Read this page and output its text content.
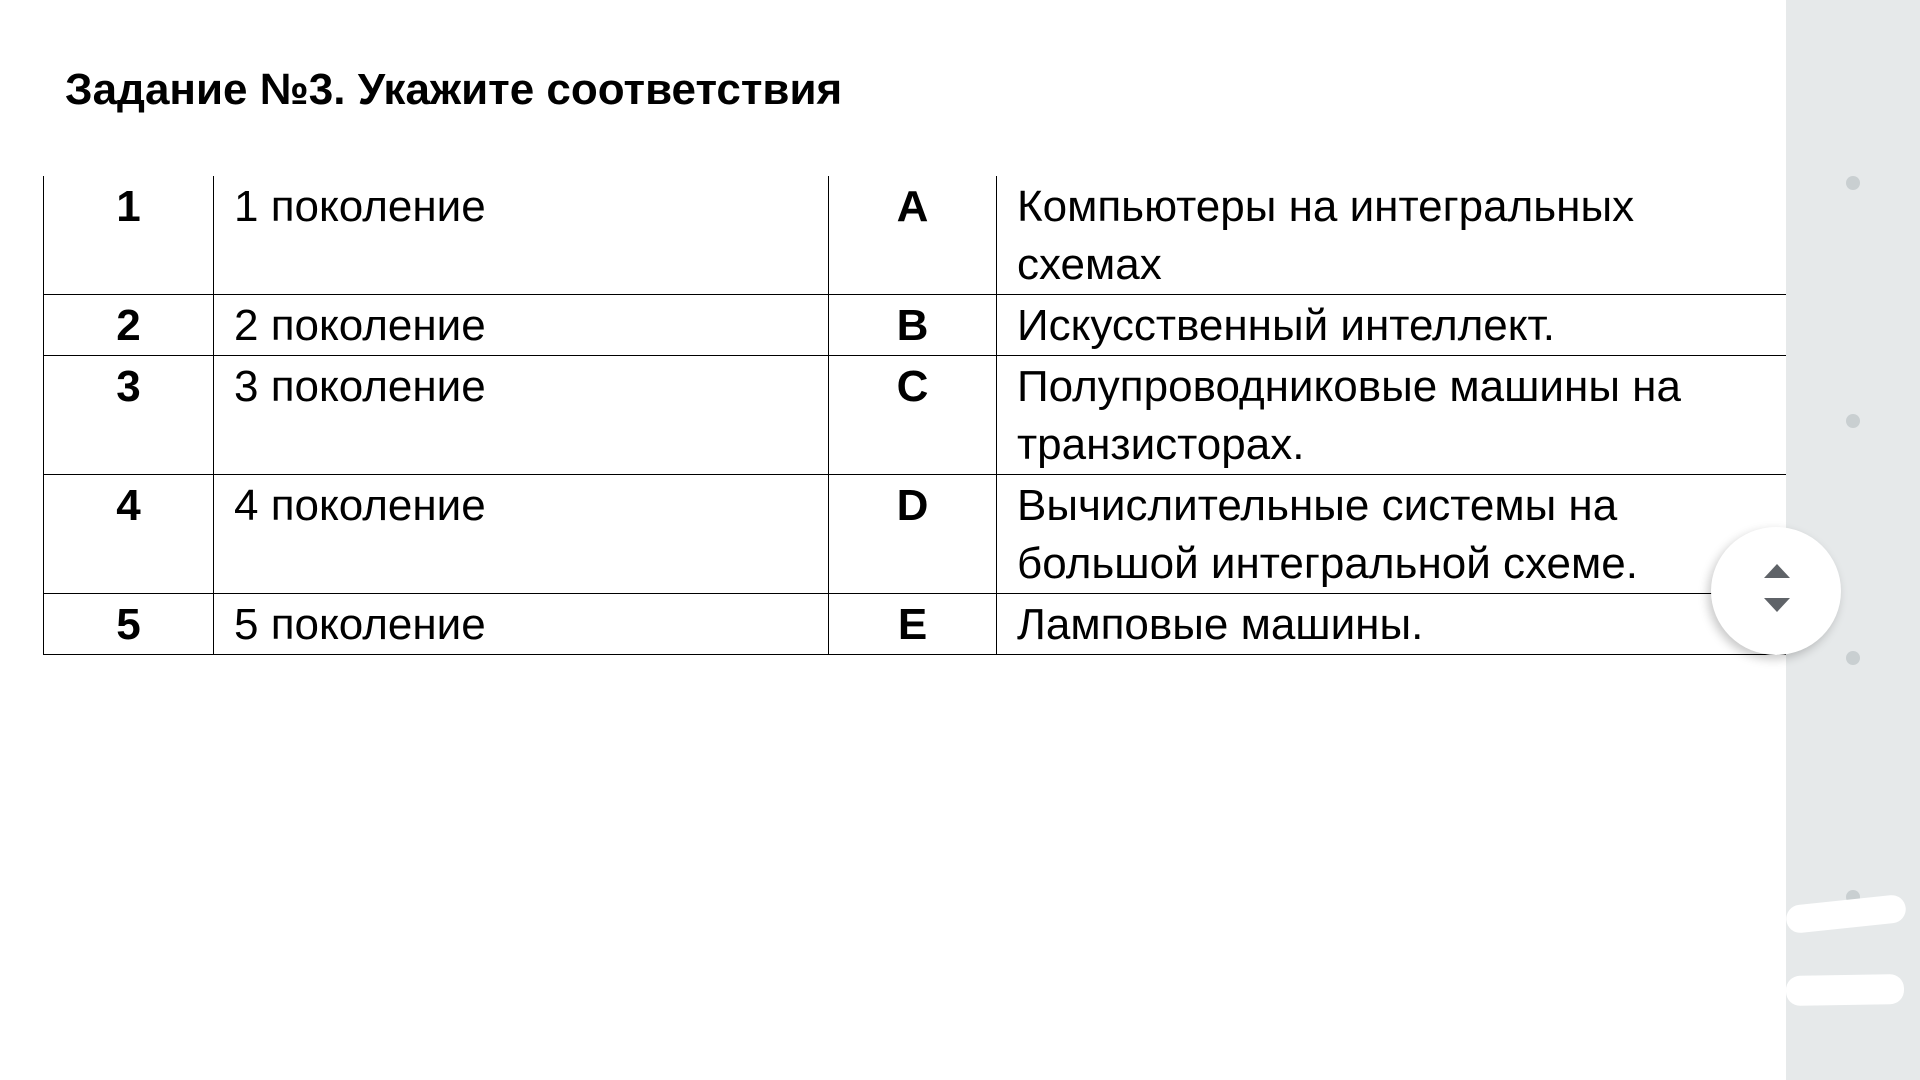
Задание №3. Укажите соответствия
1	1 поколение	A	Компьютеры на интегральных схемах
2	2 поколение	B	Искусственный интеллект.
3	3 поколение	C	Полупроводниковые машины на транзисторах.
4	4 поколение	D	Вычислительные системы на большой интегральной схеме.
5	5 поколение	E	Ламповые машины.
